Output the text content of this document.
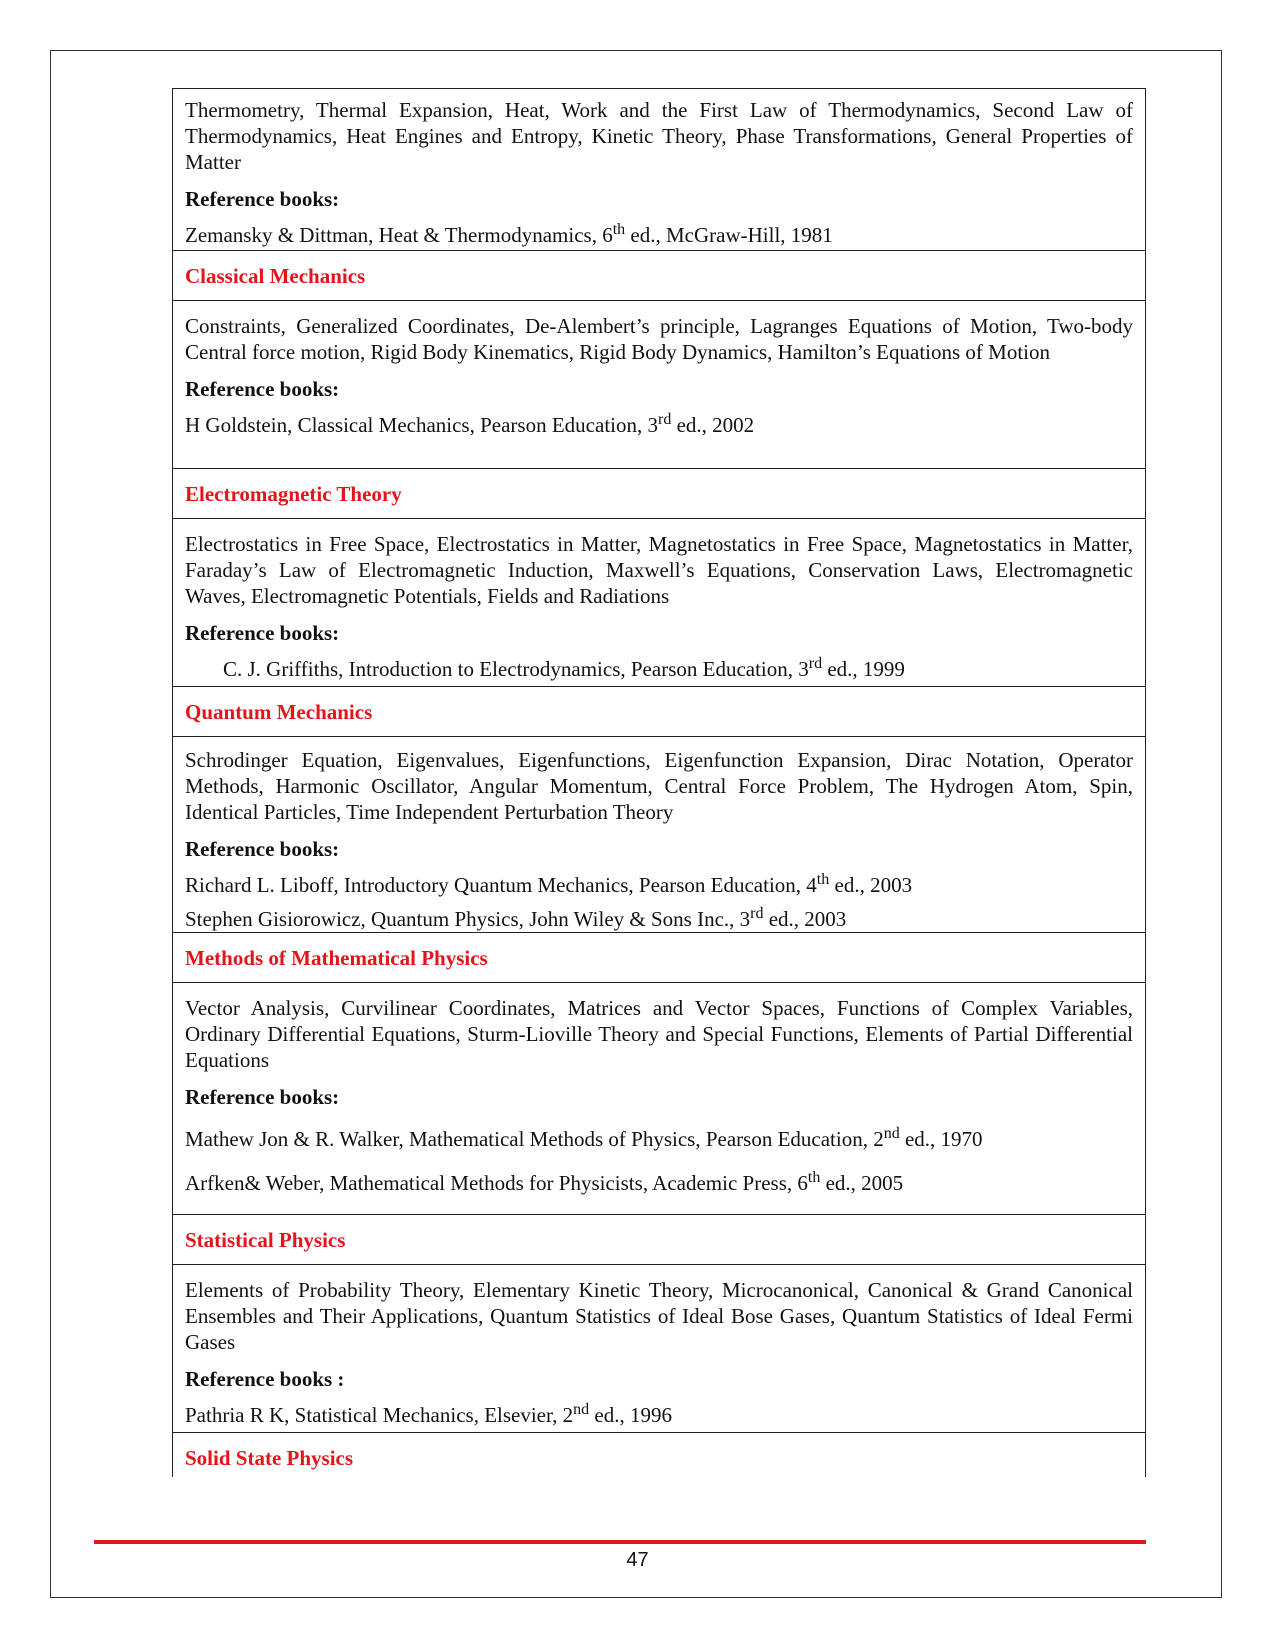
Thermometry, Thermal Expansion, Heat, Work and the First Law of Thermodynamics, Second Law of Thermodynamics, Heat Engines and Entropy, Kinetic Theory, Phase Transformations, General Properties of Matter

Reference books:
Zemansky & Dittman, Heat & Thermodynamics, 6th ed., McGraw-Hill, 1981
Classical Mechanics

Constraints, Generalized Coordinates, De-Alembert’s principle, Lagranges Equations of Motion, Two-body Central force motion, Rigid Body Kinematics, Rigid Body Dynamics, Hamilton’s Equations of Motion

Reference books:
H Goldstein, Classical Mechanics, Pearson Education, 3rd ed., 2002
Electromagnetic Theory

Electrostatics in Free Space, Electrostatics in Matter, Magnetostatics in Free Space, Magnetostatics in Matter, Faraday’s Law of Electromagnetic Induction, Maxwell’s Equations, Conservation Laws, Electromagnetic Waves, Electromagnetic Potentials, Fields and Radiations

Reference books:
C. J. Griffiths, Introduction to Electrodynamics, Pearson Education, 3rd ed., 1999
Quantum Mechanics

Schrodinger Equation, Eigenvalues, Eigenfunctions, Eigenfunction Expansion, Dirac Notation, Operator Methods, Harmonic Oscillator, Angular Momentum, Central Force Problem, The Hydrogen Atom, Spin, Identical Particles, Time Independent Perturbation Theory

Reference books:
Richard L. Liboff, Introductory Quantum Mechanics, Pearson Education, 4th ed., 2003
Stephen Gisiorowicz, Quantum Physics, John Wiley & Sons Inc., 3rd ed., 2003
Methods of Mathematical Physics

Vector Analysis, Curvilinear Coordinates, Matrices and Vector Spaces, Functions of Complex Variables, Ordinary Differential Equations, Sturm-Lioville Theory and Special Functions, Elements of Partial Differential Equations

Reference books:
Mathew Jon & R. Walker, Mathematical Methods of Physics, Pearson Education, 2nd ed., 1970
Arfken& Weber, Mathematical Methods for Physicists, Academic Press, 6th ed., 2005
Statistical Physics

Elements of Probability Theory, Elementary Kinetic Theory, Microcanonical, Canonical & Grand Canonical Ensembles and Their Applications, Quantum Statistics of Ideal Bose Gases, Quantum Statistics of Ideal Fermi Gases

Reference books :
Pathria R K, Statistical Mechanics, Elsevier, 2nd ed., 1996
Solid State Physics
47
